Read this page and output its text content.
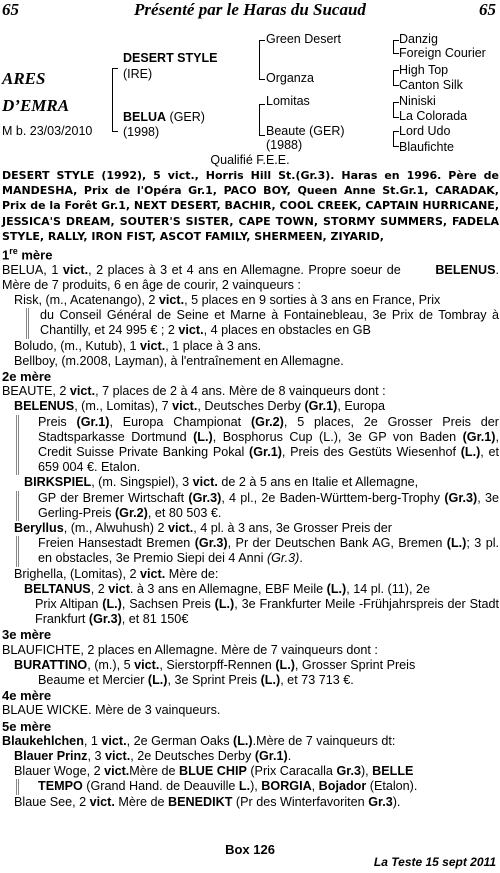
65	Présenté par le Haras du Sucaud	65
ARES
D’EMRA
M b. 23/03/2010
DESERT STYLE
(IRE)
BELUA (GER)
(1998)
Green Desert
Organza
Lomitas
Beaute (GER)
(1988)
Danzig
Foreign Courier
High Top
Canton Silk
Niniski
La Colorada
Lord Udo
Blaufichte
Qualifié F.E.E.

DESERT STYLE (1992), 5 vict., Horris Hill St.(Gr.3). Haras en 1996. Père de MANDESHA, Prix de l'Opéra Gr.1, PACO BOY, Queen Anne St.Gr.1, CARADAK, Prix de la Forêt Gr.1, NEXT DESERT, BACHIR, COOL CREEK, CAPTAIN HURRICANE, JESSICA'S DREAM, SOUTER'S SISTER, CAPE TOWN, STORMY SUMMERS, FADELA STYLE, RALLY, IRON FIST, ASCOT FAMILY, SHERMEEN, ZIYARID,

1re mère

BELUA, 1 vict., 2 places à 3 et 4 ans en Allemagne. Propre soeur de BELENUS. Mère de 7 produits, 6 en âge de courir, 2 vainqueurs :

Risk, (m., Acatenango), 2 vict., 5 places en 9 sorties à 3 ans en France, Prix

du Conseil Général de Seine et Marne à Fontainebleau, 3e Prix de Tombray à Chantilly, et 24 995 € ; 2 vict., 4 places en obstacles en GB

Boludo, (m., Kutub), 1 vict., 1 place à 3 ans.

Bellboy, (m.2008, Layman), à l'entraînement en Allemagne.

2e mère

BEAUTE, 2 vict., 7 places de 2 à 4 ans. Mère de 8 vainqueurs dont :

BELENUS, (m., Lomitas), 7 vict., Deutsches Derby (Gr.1), Europa

Preis (Gr.1), Europa Championat (Gr.2), 5 places, 2e Grosser Preis der Stadtsparkasse Dortmund (L.), Bosphorus Cup (L.), 3e GP von Baden (Gr.1), Credit Suisse Private Banking Pokal (Gr.1), Preis des Gestüts Wiesenhof (L.), et 659 004 €. Etalon.

BIRKSPIEL, (m. Singspiel), 3 vict. de 2 à 5 ans en Italie et Allemagne,

GP der Bremer Wirtschaft (Gr.3), 4 pl., 2e Baden-Württem-berg-Trophy (Gr.3), 3e Gerling-Preis (Gr.2), et 80 503 €.

Beryllus, (m., Alwuhush) 2 vict., 4 pl. à 3 ans, 3e Grosser Preis der

Freien Hansestadt Bremen (Gr.3), Pr der Deutschen Bank AG, Bremen (L.); 3 pl. en obstacles, 3e Premio Siepi dei 4 Anni (Gr.3).

Brighella, (Lomitas), 2 vict. Mère de:

BELTANUS, 2 vict. à 3 ans en Allemagne, EBF Meile (L.), 14 pl. (11), 2e

Prix Altipan (L.), Sachsen Preis (L.), 3e Frankfurter Meile -Frühjahrspreis der Stadt Frankfurt (Gr.3), et 81 150€

3e mère

BLAUFICHTE, 2 places en Allemagne. Mère de 7 vainqueurs dont :

BURATTINO, (m.), 5 vict., Sierstorpff-Rennen (L.), Grosser Sprint Preis

Beaume et Mercier (L.), 3e Sprint Preis (L.), et 73 713 €.

4e mère

BLAUE WICKE. Mère de 3 vainqueurs.

5e mère

Blaukehlchen, 1 vict., 2e German Oaks (L.).Mère de 7 vainqueurs dt:

Blauer Prinz, 3 vict., 2e Deutsches Derby (Gr.1).

Blauer Woge, 2 vict.Mère de BLUE CHIP (Prix Caracalla Gr.3), BELLE

TEMPO (Grand Hand. de Deauville L.), BORGIA, Bojador (Etalon).

Blaue See, 2 vict. Mère de BENEDIKT (Pr des Winterfavoriten Gr.3).

Box 126
La Teste 15 sept 2011
